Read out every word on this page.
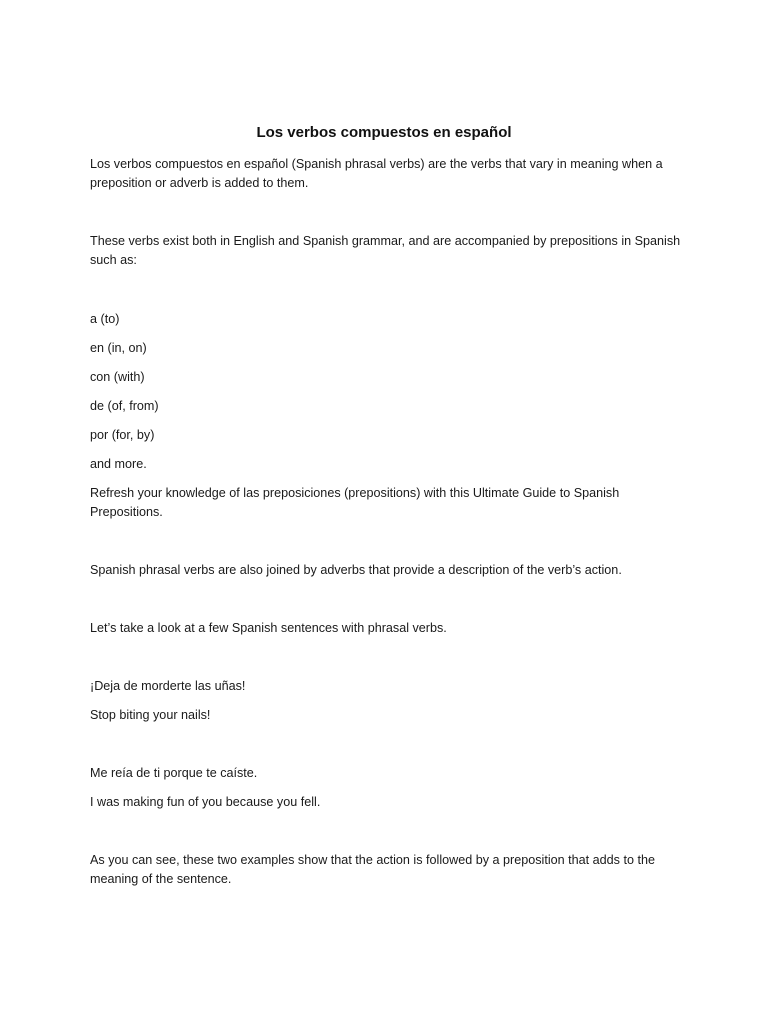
Los verbos compuestos en español
Los verbos compuestos en español (Spanish phrasal verbs) are the verbs that vary in meaning when a preposition or adverb is added to them.
These verbs exist both in English and Spanish grammar, and are accompanied by prepositions in Spanish such as:
a (to)
en (in, on)
con (with)
de (of, from)
por (for, by)
and more.
Refresh your knowledge of las preposiciones (prepositions) with this Ultimate Guide to Spanish Prepositions.
Spanish phrasal verbs are also joined by adverbs that provide a description of the verb’s action.
Let’s take a look at a few Spanish sentences with phrasal verbs.
¡Deja de morderte las uñas!
Stop biting your nails!
Me reía de ti porque te caíste.
I was making fun of you because you fell.
As you can see, these two examples show that the action is followed by a preposition that adds to the meaning of the sentence.
